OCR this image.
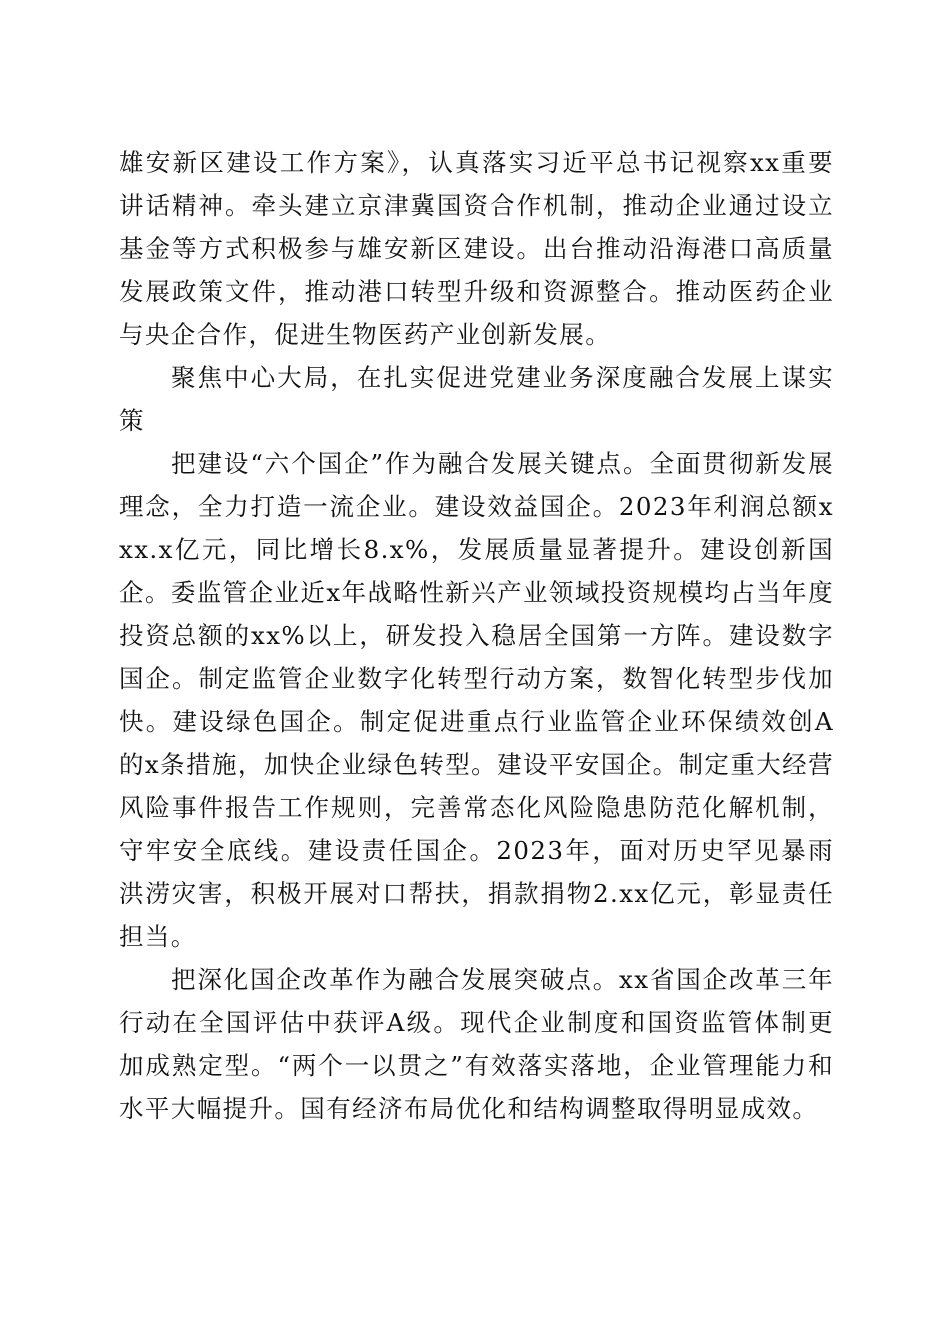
雄安新区建设工作方案》，认真落实习近平总书记视察xx重要讲话精神。牵头建立京津冀国资合作机制，推动企业通过设立基金等方式积极参与雄安新区建设。出台推动沿海港口高质量发展政策文件，推动港口转型升级和资源整合。推动医药企业与央企合作，促进生物医药产业创新发展。

聚焦中心大局，在扎实促进党建业务深度融合发展上谋实策

把建设“六个国企”作为融合发展关键点。全面贯彻新发展理念，全力打造一流企业。建设效益国企。2023年利润总额xxx.x亿元，同比增长8.x%，发展质量显著提升。建设创新国企。委监管企业近x年战略性新兴产业领域投资规模均占当年度投资总额的xx%以上，研发投入稳居全国第一方阵。建设数字国企。制定监管企业数字化转型行动方案，数智化转型步伐加快。建设绿色国企。制定促进重点行业监管企业环保绩效创A的x条措施，加快企业绿色转型。建设平安国企。制定重大经营风险事件报告工作规则，完善常态化风险隐患防范化解机制，守牢安全底线。建设责任国企。2023年，面对历史罕见暴雨洪涝灾害，积极开展对口帮扶，捐款捐物2.xx亿元，彰显责任担当。

把深化国企改革作为融合发展突破点。xx省国企改革三年行动在全国评估中获评A级。现代企业制度和国资监管体制更加成熟定型。“两个一以贯之”有效落实落地，企业管理能力和水平大幅提升。国有经济布局优化和结构调整取得明显成效。
